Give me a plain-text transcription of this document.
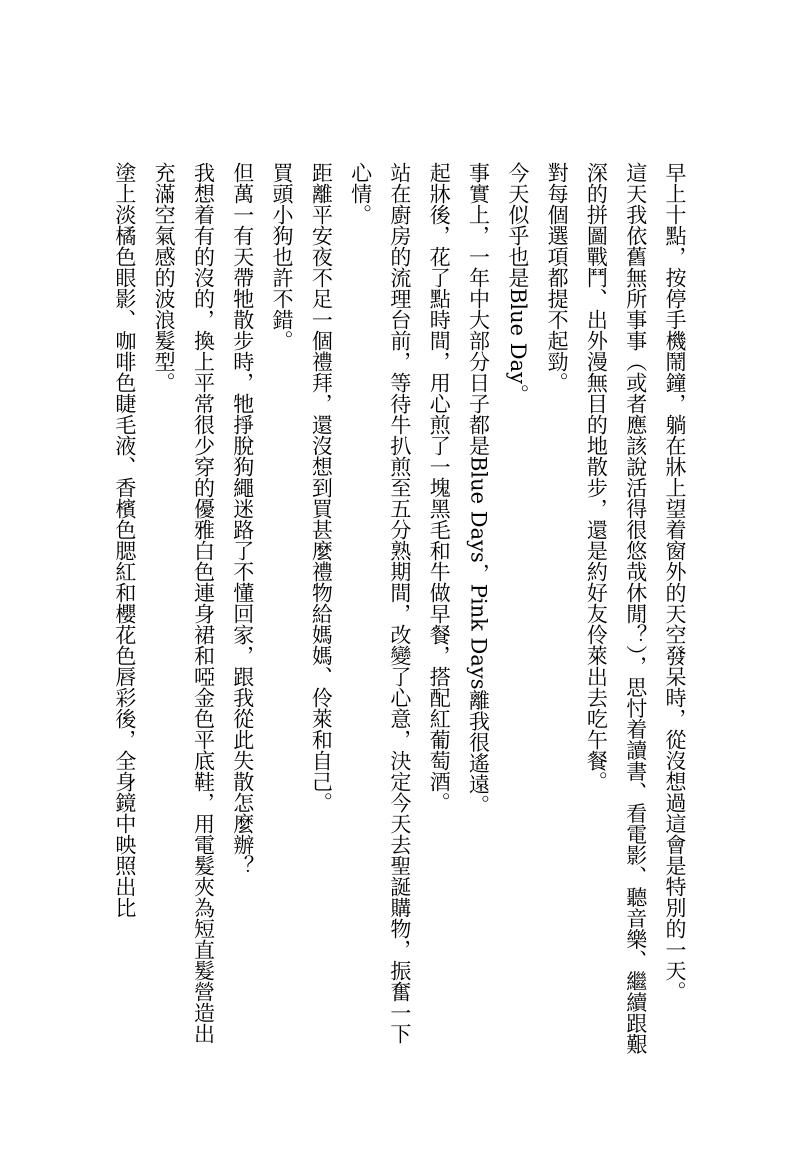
早上十點，按停手機鬧鐘，躺在牀上望着窗外的天空發呆時，從沒想過這會是特別的一天。

這天我依舊無所事事（或者應該說活得很悠哉休閒？），思忖着讀書、看電影、聽音樂、繼續跟艱深的拼圖戰鬥、出外漫無目的地散步，還是約好友伶萊出去吃午餐。

對每個選項都提不起勁。

今天似乎也是Blue Day。

事實上，一年中大部分日子都是Blue Days，Pink Days離我很遙遠。

起牀後，花了點時間，用心煎了一塊黑毛和牛做早餐，搭配紅葡萄酒。

站在廚房的流理台前，等待牛扒煎至五分熟期間，改變了心意，決定今天去聖誕購物，振奮一下心情。

距離平安夜不足一個禮拜，還沒想到買甚麼禮物給媽媽、伶萊和自己。

買頭小狗也許不錯。

但萬一有天帶牠散步時，牠掙脫狗繩迷路了不懂回家，跟我從此失散怎麼辦？

我想着有的沒的，換上平常很少穿的優雅白色連身裙和啞金色平底鞋，用電髮夾為短直髮營造出充滿空氣感的波浪髮型。

塗上淡橘色眼影、咖啡色睫毛液、香檳色腮紅和櫻花色唇彩後，全身鏡中映照出比
